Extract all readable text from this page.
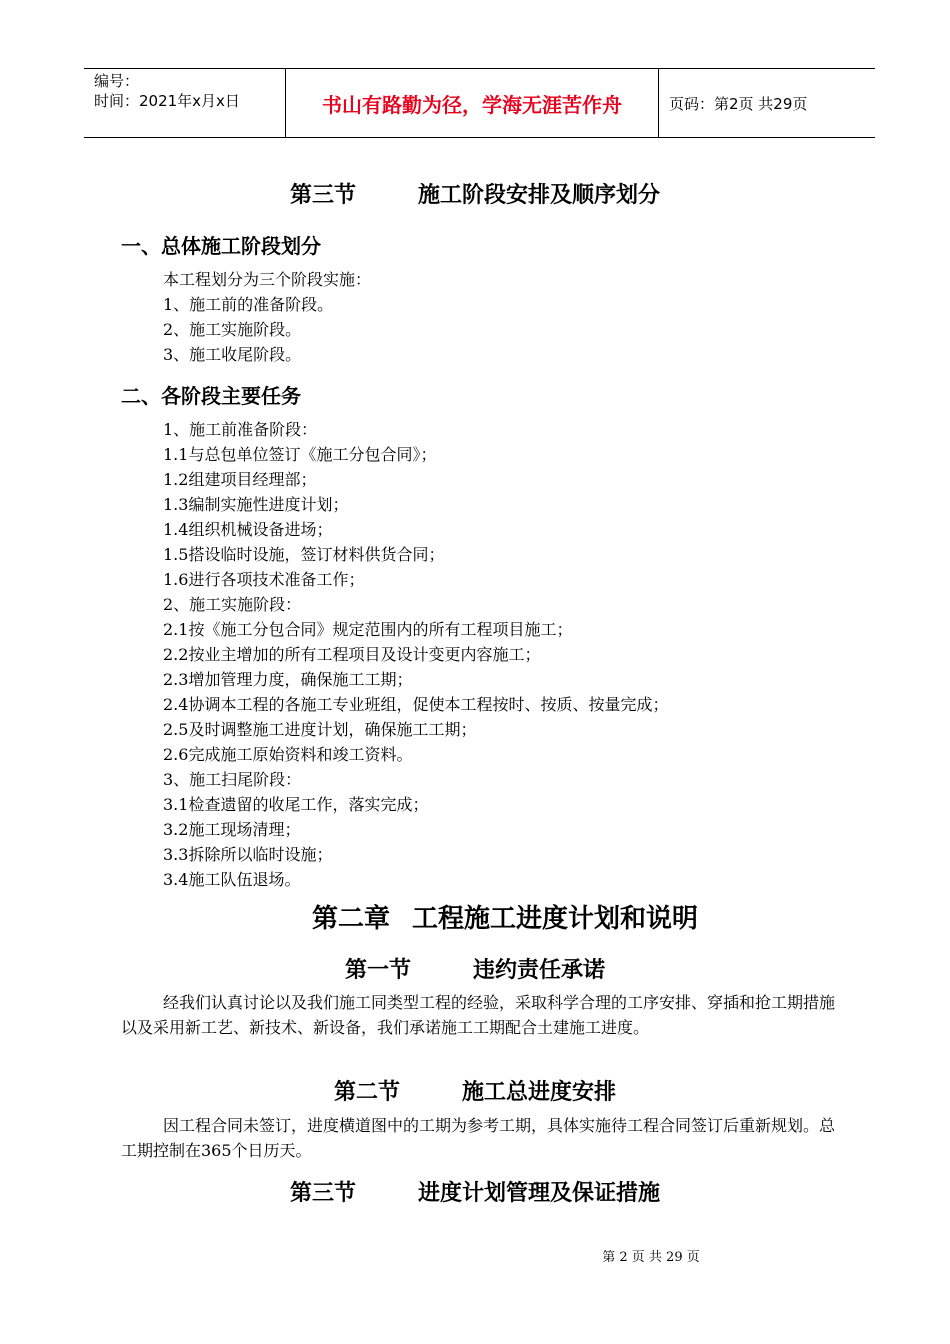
编号：
时间：2021年x月x日	书山有路勤为径，学海无涯苦作舟	页码：第2页 共29页
第三节	施工阶段安排及顺序划分
一、总体施工阶段划分
本工程划分为三个阶段实施：
1、施工前的准备阶段。
2、施工实施阶段。
3、施工收尾阶段。
二、各阶段主要任务
1、施工前准备阶段：
1.1与总包单位签订《施工分包合同》；
1.2组建项目经理部；
1.3编制实施性进度计划；
1.4组织机械设备进场；
1.5搭设临时设施，签订材料供货合同；
1.6进行各项技术准备工作；
2、施工实施阶段：
2.1按《施工分包合同》规定范围内的所有工程项目施工；
2.2按业主增加的所有工程项目及设计变更内容施工；
2.3增加管理力度，确保施工工期；
2.4协调本工程的各施工专业班组，促使本工程按时、按质、按量完成；
2.5及时调整施工进度计划，确保施工工期；
2.6完成施工原始资料和竣工资料。
3、施工扫尾阶段：
3.1检查遗留的收尾工作，落实完成；
3.2施工现场清理；
3.3拆除所以临时设施；
3.4施工队伍退场。
第二章 工程施工进度计划和说明
第一节	违约责任承诺
经我们认真讨论以及我们施工同类型工程的经验，采取科学合理的工序安排、穿插和抢工期措施以及采用新工艺、新技术、新设备，我们承诺施工工期配合土建施工进度。
第二节	施工总进度安排
因工程合同未签订，进度横道图中的工期为参考工期，具体实施待工程合同签订后重新规划。总工期控制在365个日历天。
第三节	进度计划管理及保证措施
第 2 页 共 29 页
